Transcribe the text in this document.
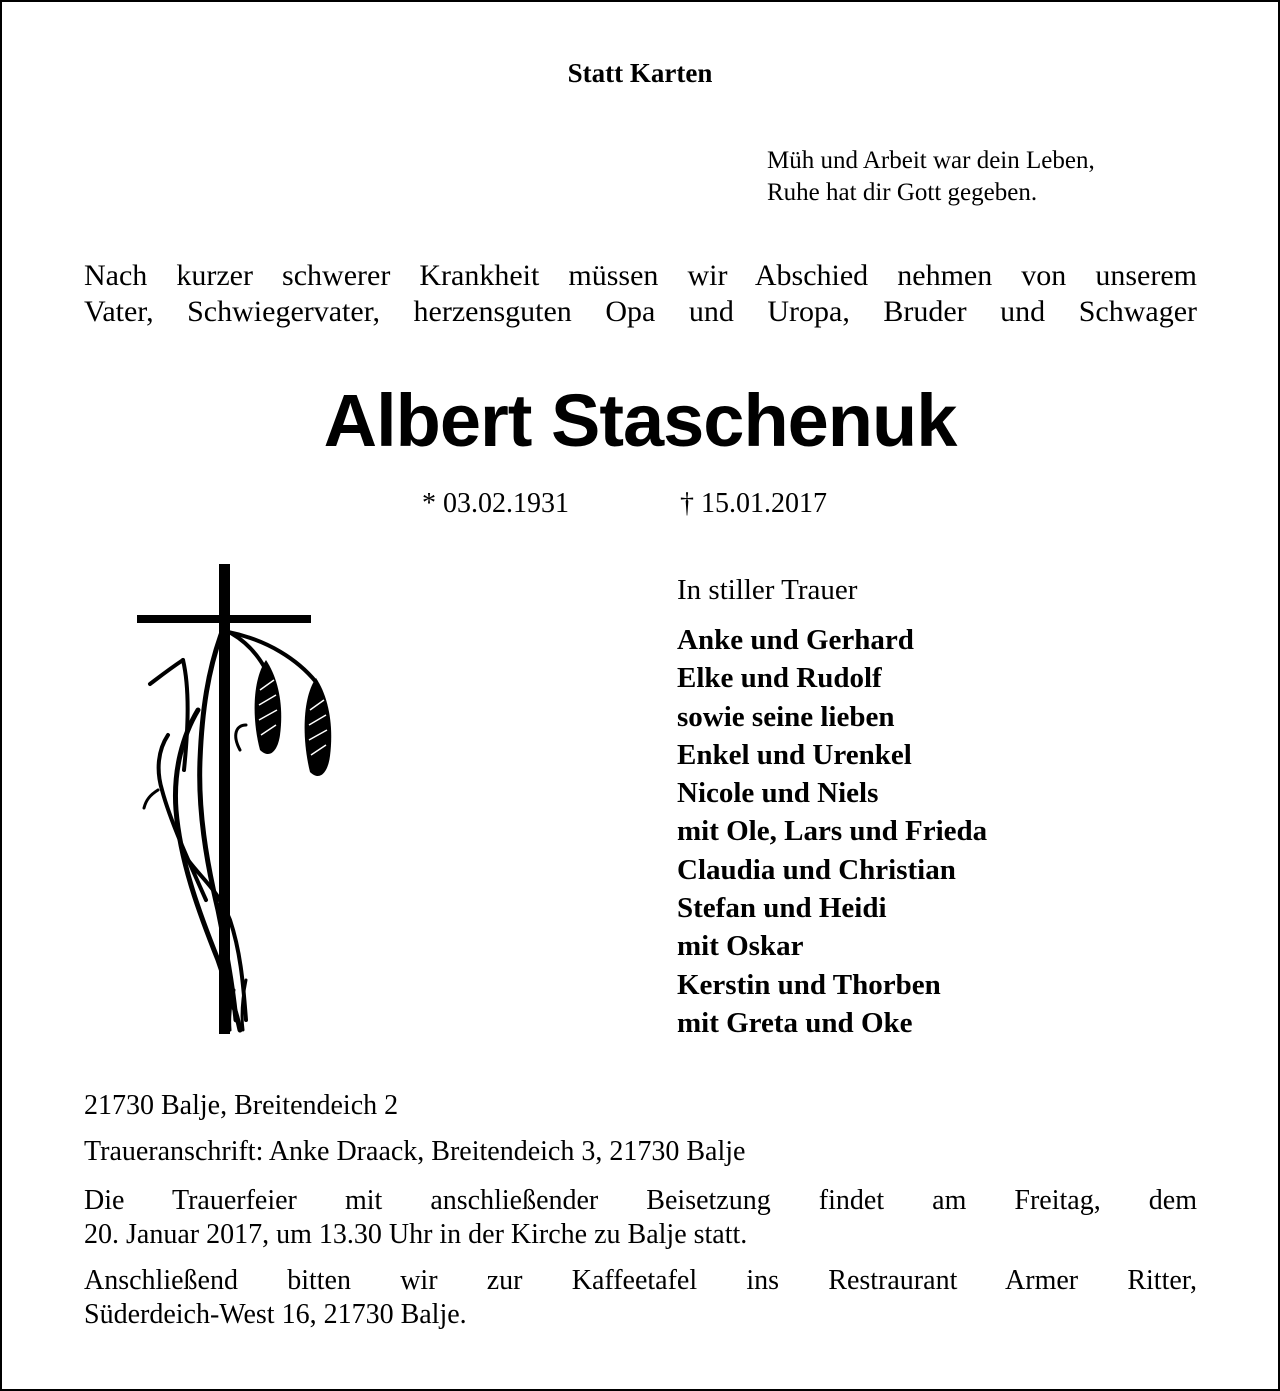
Statt Karten
Müh und Arbeit war dein Leben,
Ruhe hat dir Gott gegeben.
Nach kurzer schwerer Krankheit müssen wir Abschied nehmen von unserem
Vater, Schwiegervater, herzensguten Opa und Uropa, Bruder und Schwager
Albert Staschenuk
* 03.02.1931	† 15.01.2017
In stiller Trauer
Anke und Gerhard
Elke und Rudolf
sowie seine lieben
Enkel und Urenkel
Nicole und Niels
mit Ole, Lars und Frieda
Claudia und Christian
Stefan und Heidi
mit Oskar
Kerstin und Thorben
mit Greta und Oke
21730 Balje, Breitendeich 2
Traueranschrift: Anke Draack, Breitendeich 3, 21730 Balje
Die Trauerfeier mit anschließender Beisetzung findet am Freitag, dem
20. Januar 2017, um 13.30 Uhr in der Kirche zu Balje statt.
Anschließend bitten wir zur Kaffeetafel ins Restraurant Armer Ritter,
Süderdeich-West 16, 21730 Balje.
